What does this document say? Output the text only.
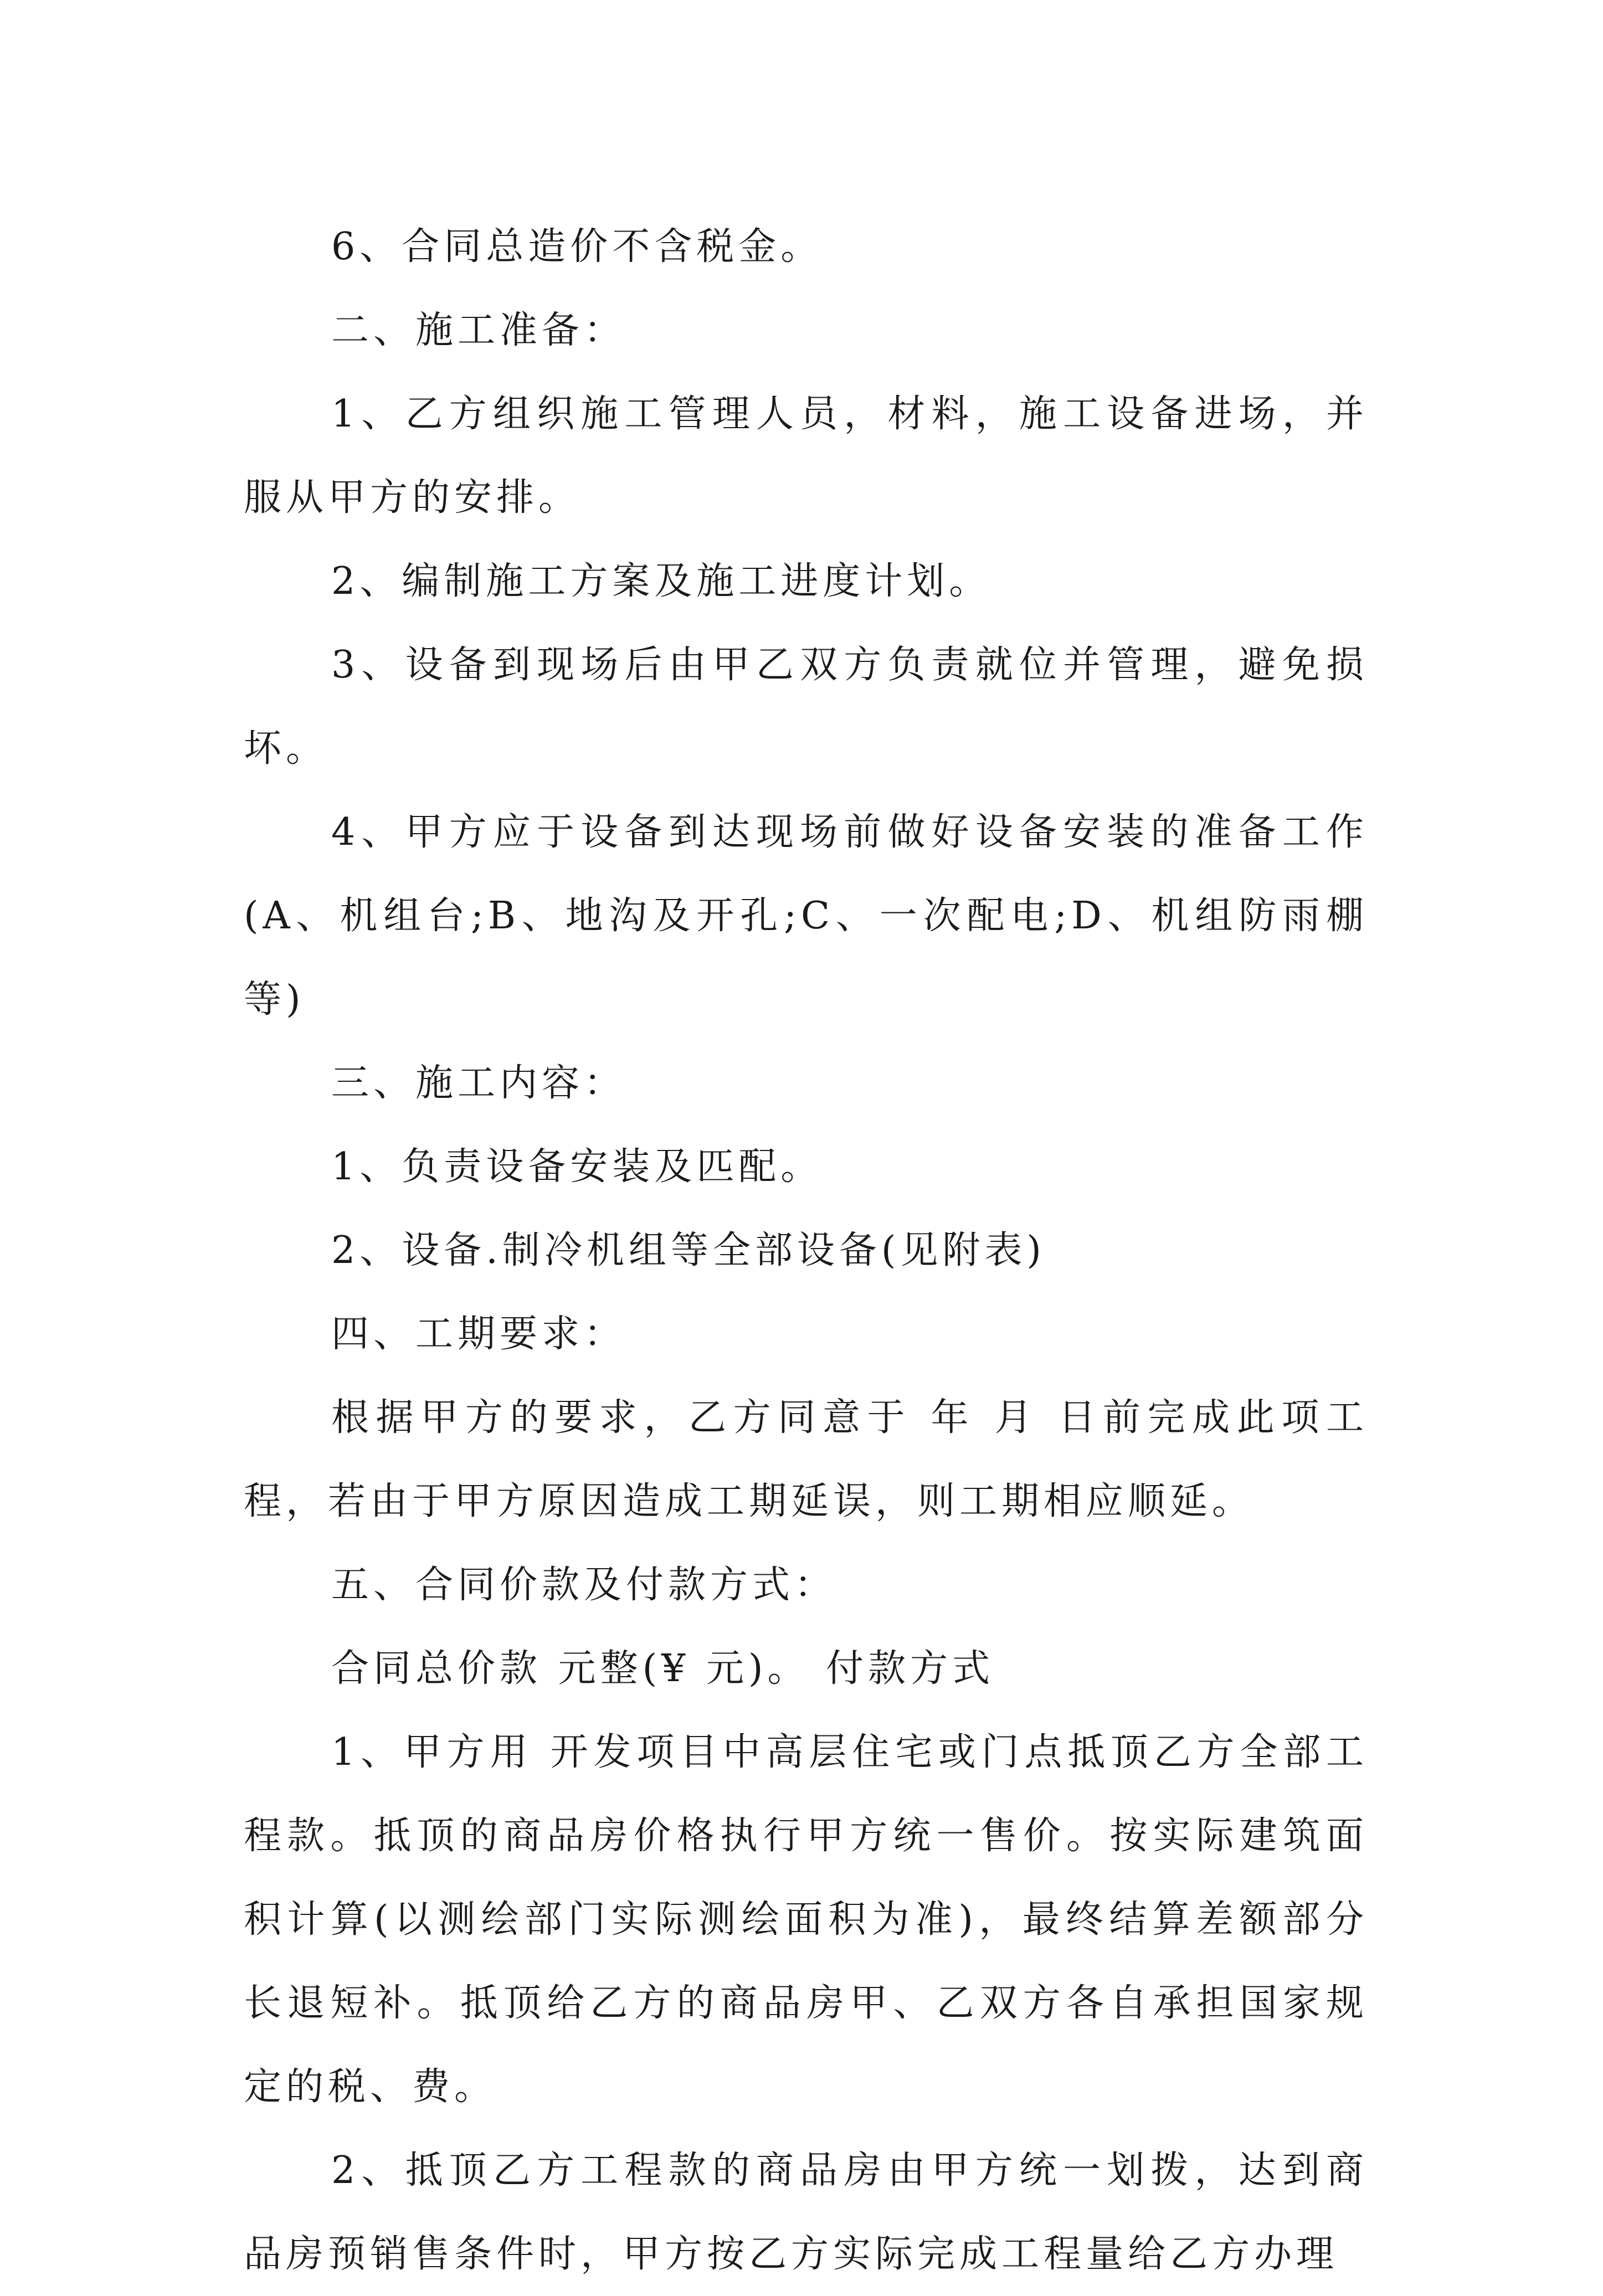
6、合同总造价不含税金。

二、施工准备：

1、乙方组织施工管理人员，材料，施工设备进场，并服从甲方的安排。

2、编制施工方案及施工进度计划。

3、设备到现场后由甲乙双方负责就位并管理，避免损坏。

4、甲方应于设备到达现场前做好设备安装的准备工作(A、机组台;B、地沟及开孔;C、一次配电;D、机组防雨棚等)

三、施工内容：

1、负责设备安装及匹配。

2、设备.制冷机组等全部设备(见附表)

四、工期要求：

根据甲方的要求，乙方同意于 年 月 日前完成此项工程，若由于甲方原因造成工期延误，则工期相应顺延。

五、合同价款及付款方式：

合同总价款 元整(¥ 元)。 付款方式

1、甲方用 开发项目中高层住宅或门点抵顶乙方全部工程款。抵顶的商品房价格执行甲方统一售价。按实际建筑面积计算(以测绘部门实际测绘面积为准)，最终结算差额部分长退短补。抵顶给乙方的商品房甲、乙双方各自承担国家规定的税、费。

2、抵顶乙方工程款的商品房由甲方统一划拨，达到商品房预销售条件时，甲方按乙方实际完成工程量给乙方办理
